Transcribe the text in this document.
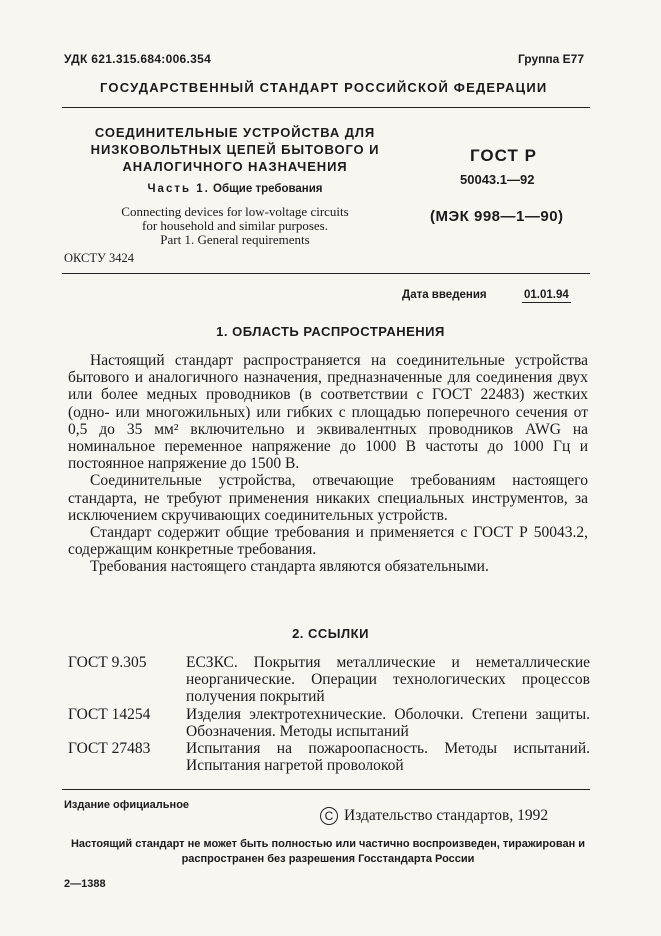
УДК 621.315.684:006.354	Группа Е77
ГОСУДАРСТВЕННЫЙ СТАНДАРТ РОССИЙСКОЙ ФЕДЕРАЦИИ
СОЕДИНИТЕЛЬНЫЕ УСТРОЙСТВА ДЛЯ НИЗКОВОЛЬТНЫХ ЦЕПЕЙ БЫТОВОГО И АНАЛОГИЧНОГО НАЗНАЧЕНИЯ
Часть 1. Общие требования
Connecting devices for low-voltage circuits
for household and similar purposes.
Part 1. General requirements
ГОСТ Р
50043.1—92
(МЭК 998—1—90)
ОКСТУ 3424
Дата введения	01.01.94
1. ОБЛАСТЬ РАСПРОСТРАНЕНИЯ

Настоящий стандарт распространяется на соединительные устройства бытового и аналогичного назначения, предназначенные для соединения двух или более медных проводников (в соответствии с ГОСТ 22483) жестких (одно- или многожильных) или гибких с площадью поперечного сечения от 0,5 до 35 мм² включительно и эквивалентных проводников AWG на номинальное переменное напряжение до 1000 В частоты до 1000 Гц и постоянное напряжение до 1500 В.

Соединительные устройства, отвечающие требованиям настоящего стандарта, не требуют применения никаких специальных инструментов, за исключением скручивающих соединительных устройств.

Стандарт содержит общие требования и применяется с ГОСТ Р 50043.2, содержащим конкретные требования.

Требования настоящего стандарта являются обязательными.

2. ССЫЛКИ
ГОСТ 9.305	ЕСЗКС. Покрытия металлические и неметаллические неорганические. Операции технологических процессов получения покрытий
ГОСТ 14254	Изделия электротехнические. Оболочки. Степени защиты. Обозначения. Методы испытаний
ГОСТ 27483	Испытания на пожароопасность. Методы испытаний. Испытания нагретой проволокой
Издание официальное
C Издательство стандартов, 1992
Настоящий стандарт не может быть полностью или частично воспроизведен, тиражирован и распространен без разрешения Госстандарта России
2—1388
